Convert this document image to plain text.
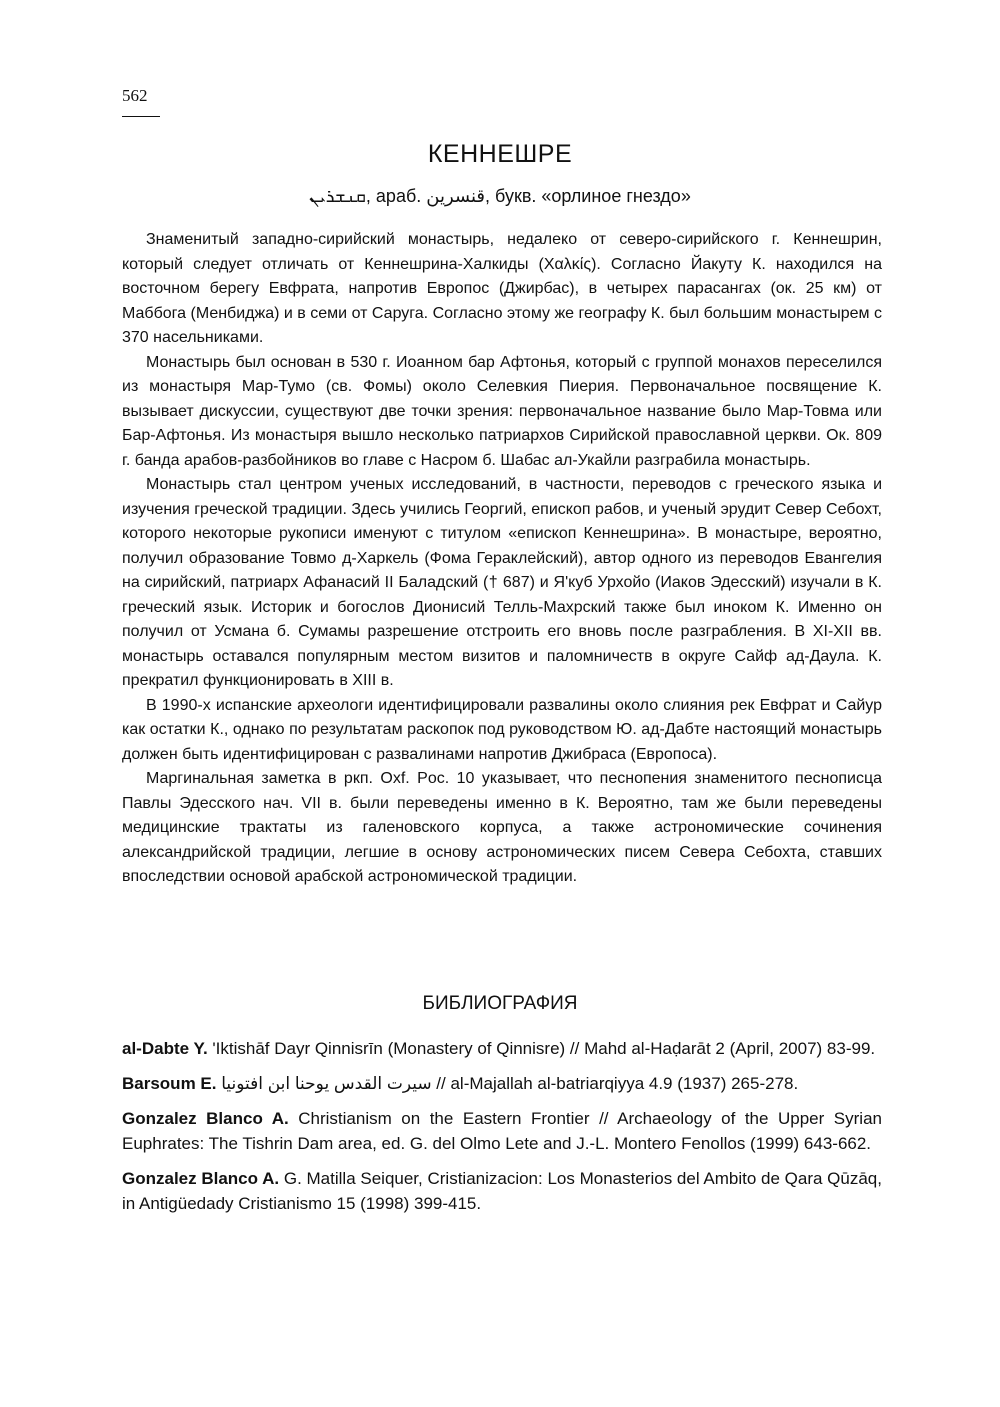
562
КЕННЕШРЕ
ܩܢܫܪܝܢ, араб. قنسرين, букв. «орлиное гнездо»

Знаменитый западно-сирийский монастырь, недалеко от северо-сирийского г. Кеннешрин, который следует отличать от Кеннешрина-Халкиды (Χαλκίς). Согласно Йакуту К. находился на восточном берегу Евфрата, напротив Европос (Джирбас), в четырех парасангах (ок. 25 км) от Маббога (Менбиджа) и в семи от Саруга. Согласно этому же географу К. был большим монастырем с 370 насельниками.

Монастырь был основан в 530 г. Иоанном бар Афтонья, который с группой монахов переселился из монастыря Мар-Тумо (св. Фомы) около Селевкия Пиерия. Первоначальное посвящение К. вызывает дискуссии, существуют две точки зрения: первоначальное название было Мар-Товма или Бар-Афтонья. Из монастыря вышло несколько патриархов Сирийской православной церкви. Ок. 809 г. банда арабов-разбойников во главе с Насром б. Шабас ал-Укайли разграбила монастырь.

Монастырь стал центром ученых исследований, в частности, переводов с греческого языка и изучения греческой традиции. Здесь учились Георгий, епископ рабов, и ученый эрудит Север Себохт, которого некоторые рукописи именуют с титулом «епископ Кеннешрина». В монастыре, вероятно, получил образование Товмо д-Харкель (Фома Гераклейский), автор одного из переводов Евангелия на сирийский, патриарх Афанасий II Баладский († 687) и Я'куб Урхойо (Иаков Эдесский) изучали в К. греческий язык. Историк и богослов Дионисий Телль-Махрский также был иноком К. Именно он получил от Усмана б. Сумамы разрешение отстроить его вновь после разграбления. В XI-XII вв. монастырь оставался популярным местом визитов и паломничеств в округе Сайф ад-Даула. К. прекратил функционировать в XIII в.

В 1990-х испанские археологи идентифицировали развалины около слияния рек Евфрат и Сайур как остатки К., однако по результатам раскопок под руководством Ю. ад-Дабте настоящий монастырь должен быть идентифицирован с развалинами напротив Джибраса (Европоса).

Маргинальная заметка в ркп. Oxf. Poc. 10 указывает, что песнопения знаменитого песнописца Павлы Эдесского нач. VII в. были переведены именно в К. Вероятно, там же были переведены медицинские трактаты из галеновского корпуса, а также астрономические сочинения александрийской традиции, легшие в основу астрономических писем Севера Себохта, ставших впоследствии основой арабской астрономической традиции.

БИБЛИОГРАФИЯ

al-Dabte Y. 'Iktishāf Dayr Qinnisrīn (Monastery of Qinnisre) // Mahd al-Haḍarāt 2 (April, 2007) 83-99.

Barsoum E. سيرت القدس يوحنا ابن افتونيا // al-Majallah al-batriarqiyya 4.9 (1937) 265-278.

Gonzalez Blanco A. Christianism on the Eastern Frontier // Archaeology of the Upper Syrian Euphrates: The Tishrin Dam area, ed. G. del Olmo Lete and J.-L. Montero Fenollos (1999) 643-662.

Gonzalez Blanco A. G. Matilla Seiquer, Cristianizacion: Los Monasterios del Ambito de Qara Qūzāq, in Antigüedady Cristianismo 15 (1998) 399-415.
